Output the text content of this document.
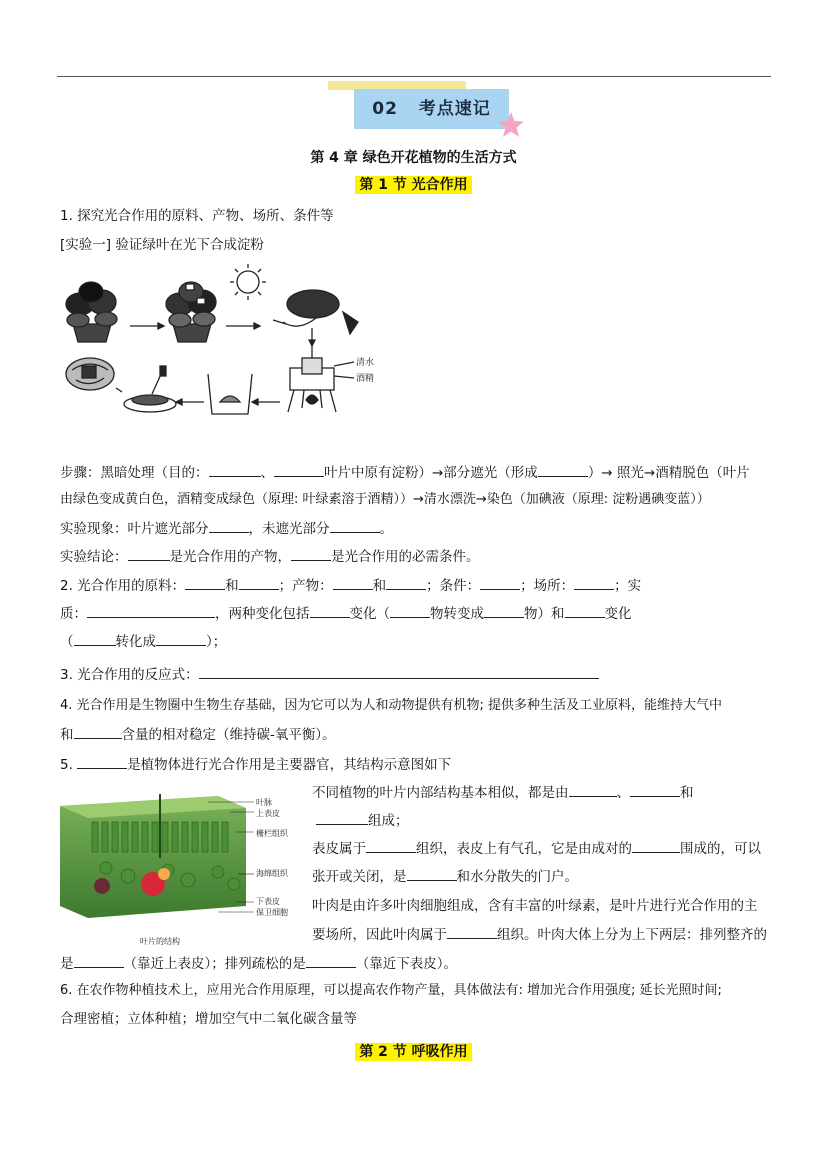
02 考点速记
第 4 章 绿色开花植物的生活方式
第 1 节 光合作用
1. 探究光合作用的原料、产物、场所、条件等
[实验一] 验证绿叶在光下合成淀粉
清水
酒精
步骤：黑暗处理（目的：	、	叶片中原有淀粉）→部分遮光（形成	）→ 照光→酒精脱色（叶片
由绿色变成黄白色，酒精变成绿色（原理: 叶绿素溶于酒精））→清水漂洗→染色（加碘液（原理: 淀粉遇碘变蓝））
实验现象：叶片遮光部分	，未遮光部分	。
实验结论：	是光合作用的产物，	是光合作用的必需条件。
2. 光合作用的原料：	和	；产物：	和	；条件：	；场所：	；实
质：	，两种变化包括	变化（	物转变成	物）和	变化
（	转化成	）；
3. 光合作用的反应式：
4. 光合作用是生物圈中生物生存基础，因为它可以为人和动物提供有机物; 提供多种生活及工业原料，能维持大气中
和	含量的相对稳定（维持碳-氧平衡）。
5.	是植物体进行光合作用是主要器官，其结构示意图如下
叶脉
上表皮
栅栏组织
海绵组织
下表皮
保卫细胞
叶片的结构
不同植物的叶片内部结构基本相似，都是由	、	和
组成；
表皮属于	组织，表皮上有气孔，它是由成对的	围成的，可以
张开或关闭，是	和水分散失的门户。
叶肉是由许多叶肉细胞组成，含有丰富的叶绿素，是叶片进行光合作用的主
要场所，因此叶肉属于	组织。叶肉大体上分为上下两层：排列整齐的
是	（靠近上表皮）；排列疏松的是	（靠近下表皮）。
6. 在农作物种植技术上，应用光合作用原理，可以提高农作物产量，具体做法有: 增加光合作用强度; 延长光照时间;
合理密植；立体种植；增加空气中二氧化碳含量等
第 2 节 呼吸作用
